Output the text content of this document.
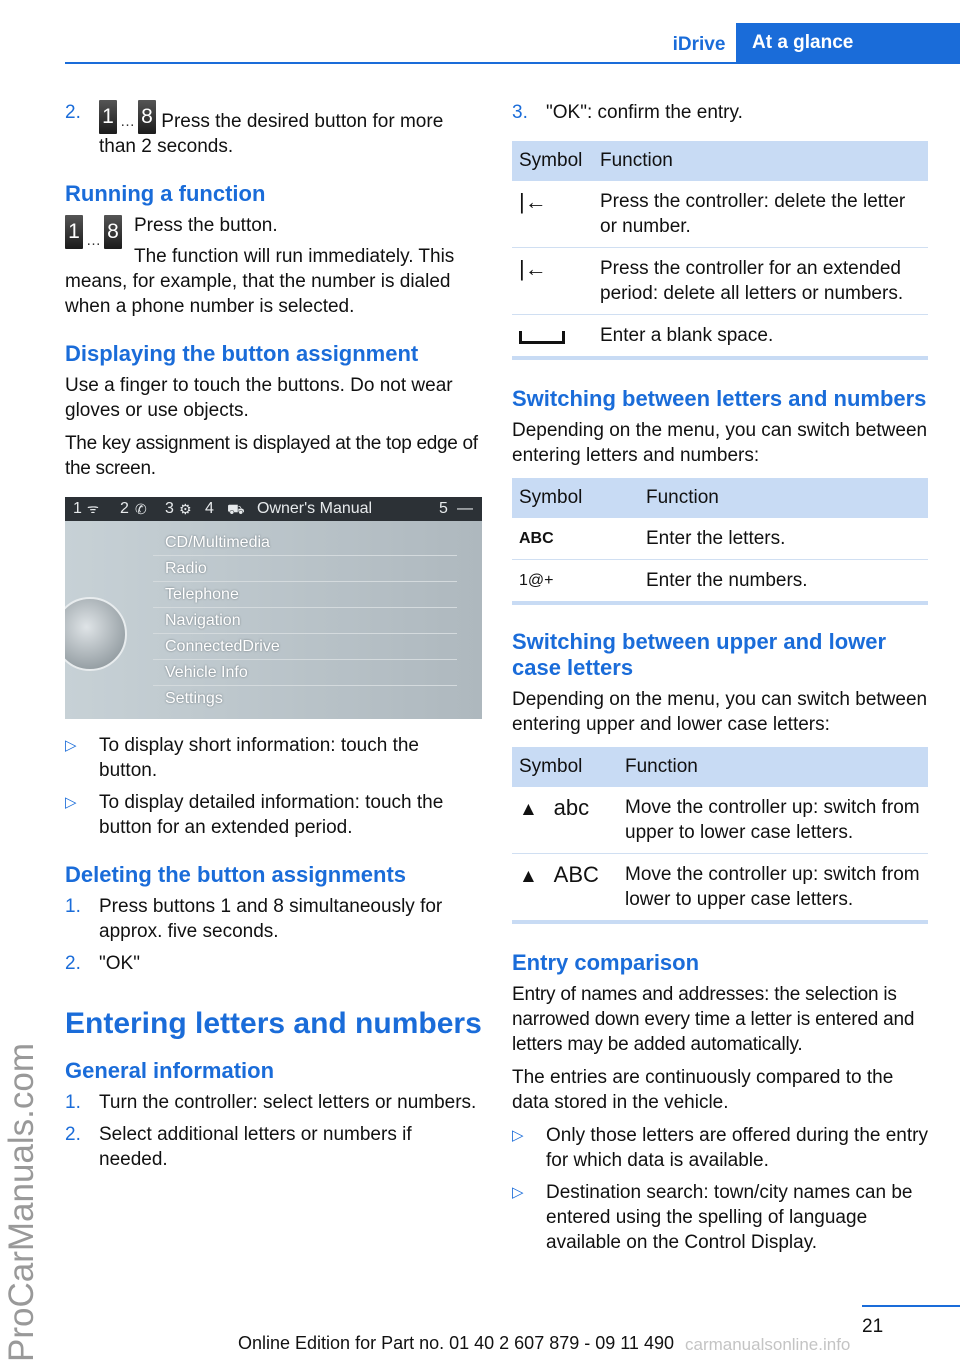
iDrive	At a glance
ProCarManuals.com
2. 1 … 8 Press the desired button for more than 2 seconds.
Running a function
1 … 8 Press the button.

The function will run immediately. This means, for example, that the number is dialed when a phone number is selected.

Displaying the button assignment

Use a finger to touch the buttons. Do not wear gloves or use objects.

The key assignment is displayed at the top edge of the screen.

1 ᯤ 2 ✆ 3 ⚙ 4 ⛟ Owner's Manual	5 —
CD/Multimedia
Radio
Telephone
Navigation
ConnectedDrive
Vehicle Info
Settings
▷ To display short information: touch the button.
▷ To display detailed information: touch the button for an extended period.
Deleting the button assignments
1. Press buttons 1 and 8 simultaneously for approx. five seconds.
2. "OK"
Entering letters and numbers
General information
1. Turn the controller: select letters or numbers.
2. Select additional letters or numbers if needed.
3. "OK": confirm the entry.
Symbol	Function
|←	Press the controller: delete the letter or number.
|←	Press the controller for an extended period: delete all letters or numbers.

	Enter a blank space.
Switching between letters and numbers

Depending on the menu, you can switch between entering letters and numbers:

Symbol	Function
ABC	Enter the letters.
1@+	Enter the numbers.
Switching between upper and lower case letters

Depending on the menu, you can switch between entering upper and lower case letters:

Symbol	Function
▲ abc	Move the controller up: switch from upper to lower case letters.
▲ ABC	Move the controller up: switch from lower to upper case letters.
Entry comparison

Entry of names and addresses: the selection is narrowed down every time a letter is entered and letters may be added automatically.

The entries are continuously compared to the data stored in the vehicle.

▷ Only those letters are offered during the entry for which data is available.
▷ Destination search: town/city names can be entered using the spelling of language available on the Control Display.
21
Online Edition for Part no. 01 40 2 607 879 - 09 11 490 carmanualsonline.info
